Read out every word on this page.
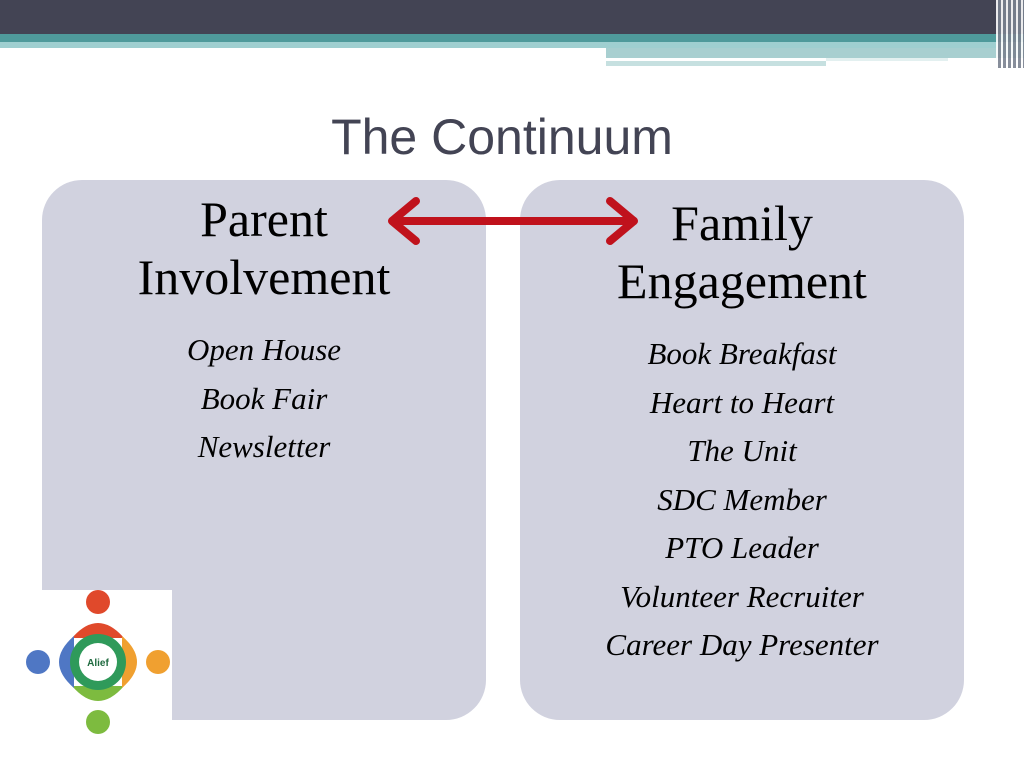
The Continuum
Parent
Involvement
Open House
Book Fair
Newsletter
Family
Engagement
Book Breakfast
Heart to Heart
The Unit
SDC Member
PTO Leader
Volunteer Recruiter
Career Day Presenter
Alief
